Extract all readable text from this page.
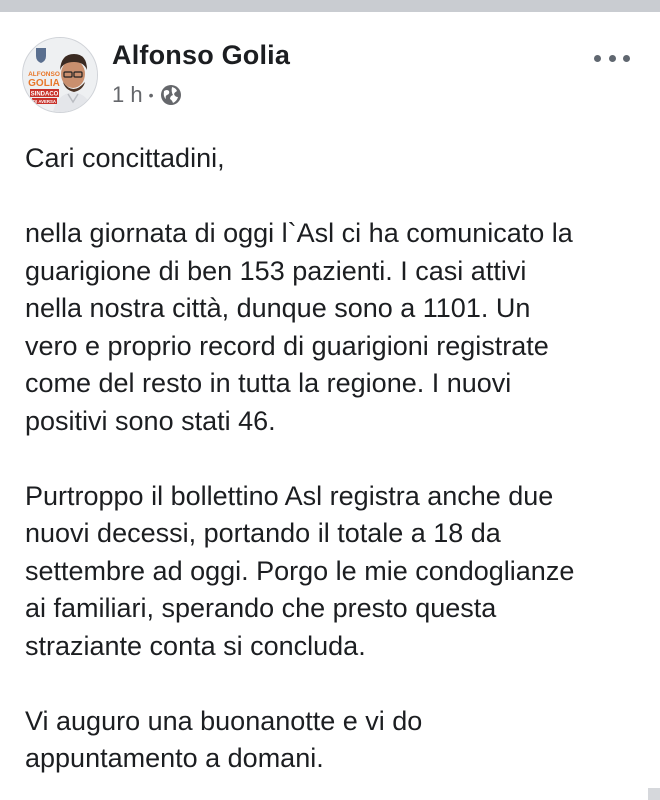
ALFONSO
GOLIA
SINDACO
DI AVERSA
Alfonso Golia
1 h •

Cari concittadini,

nella giornata di oggi l`Asl ci ha comunicato la
guarigione di ben 153 pazienti. I casi attivi
nella nostra città, dunque sono a 1101. Un
vero e proprio record di guarigioni registrate
come del resto in tutta la regione. I nuovi
positivi sono stati 46.

Purtroppo il bollettino Asl registra anche due
nuovi decessi, portando il totale a 18 da
settembre ad oggi. Porgo le mie condoglianze
ai familiari, sperando che presto questa
straziante conta si concluda.

Vi auguro una buonanotte e vi do
appuntamento a domani.
